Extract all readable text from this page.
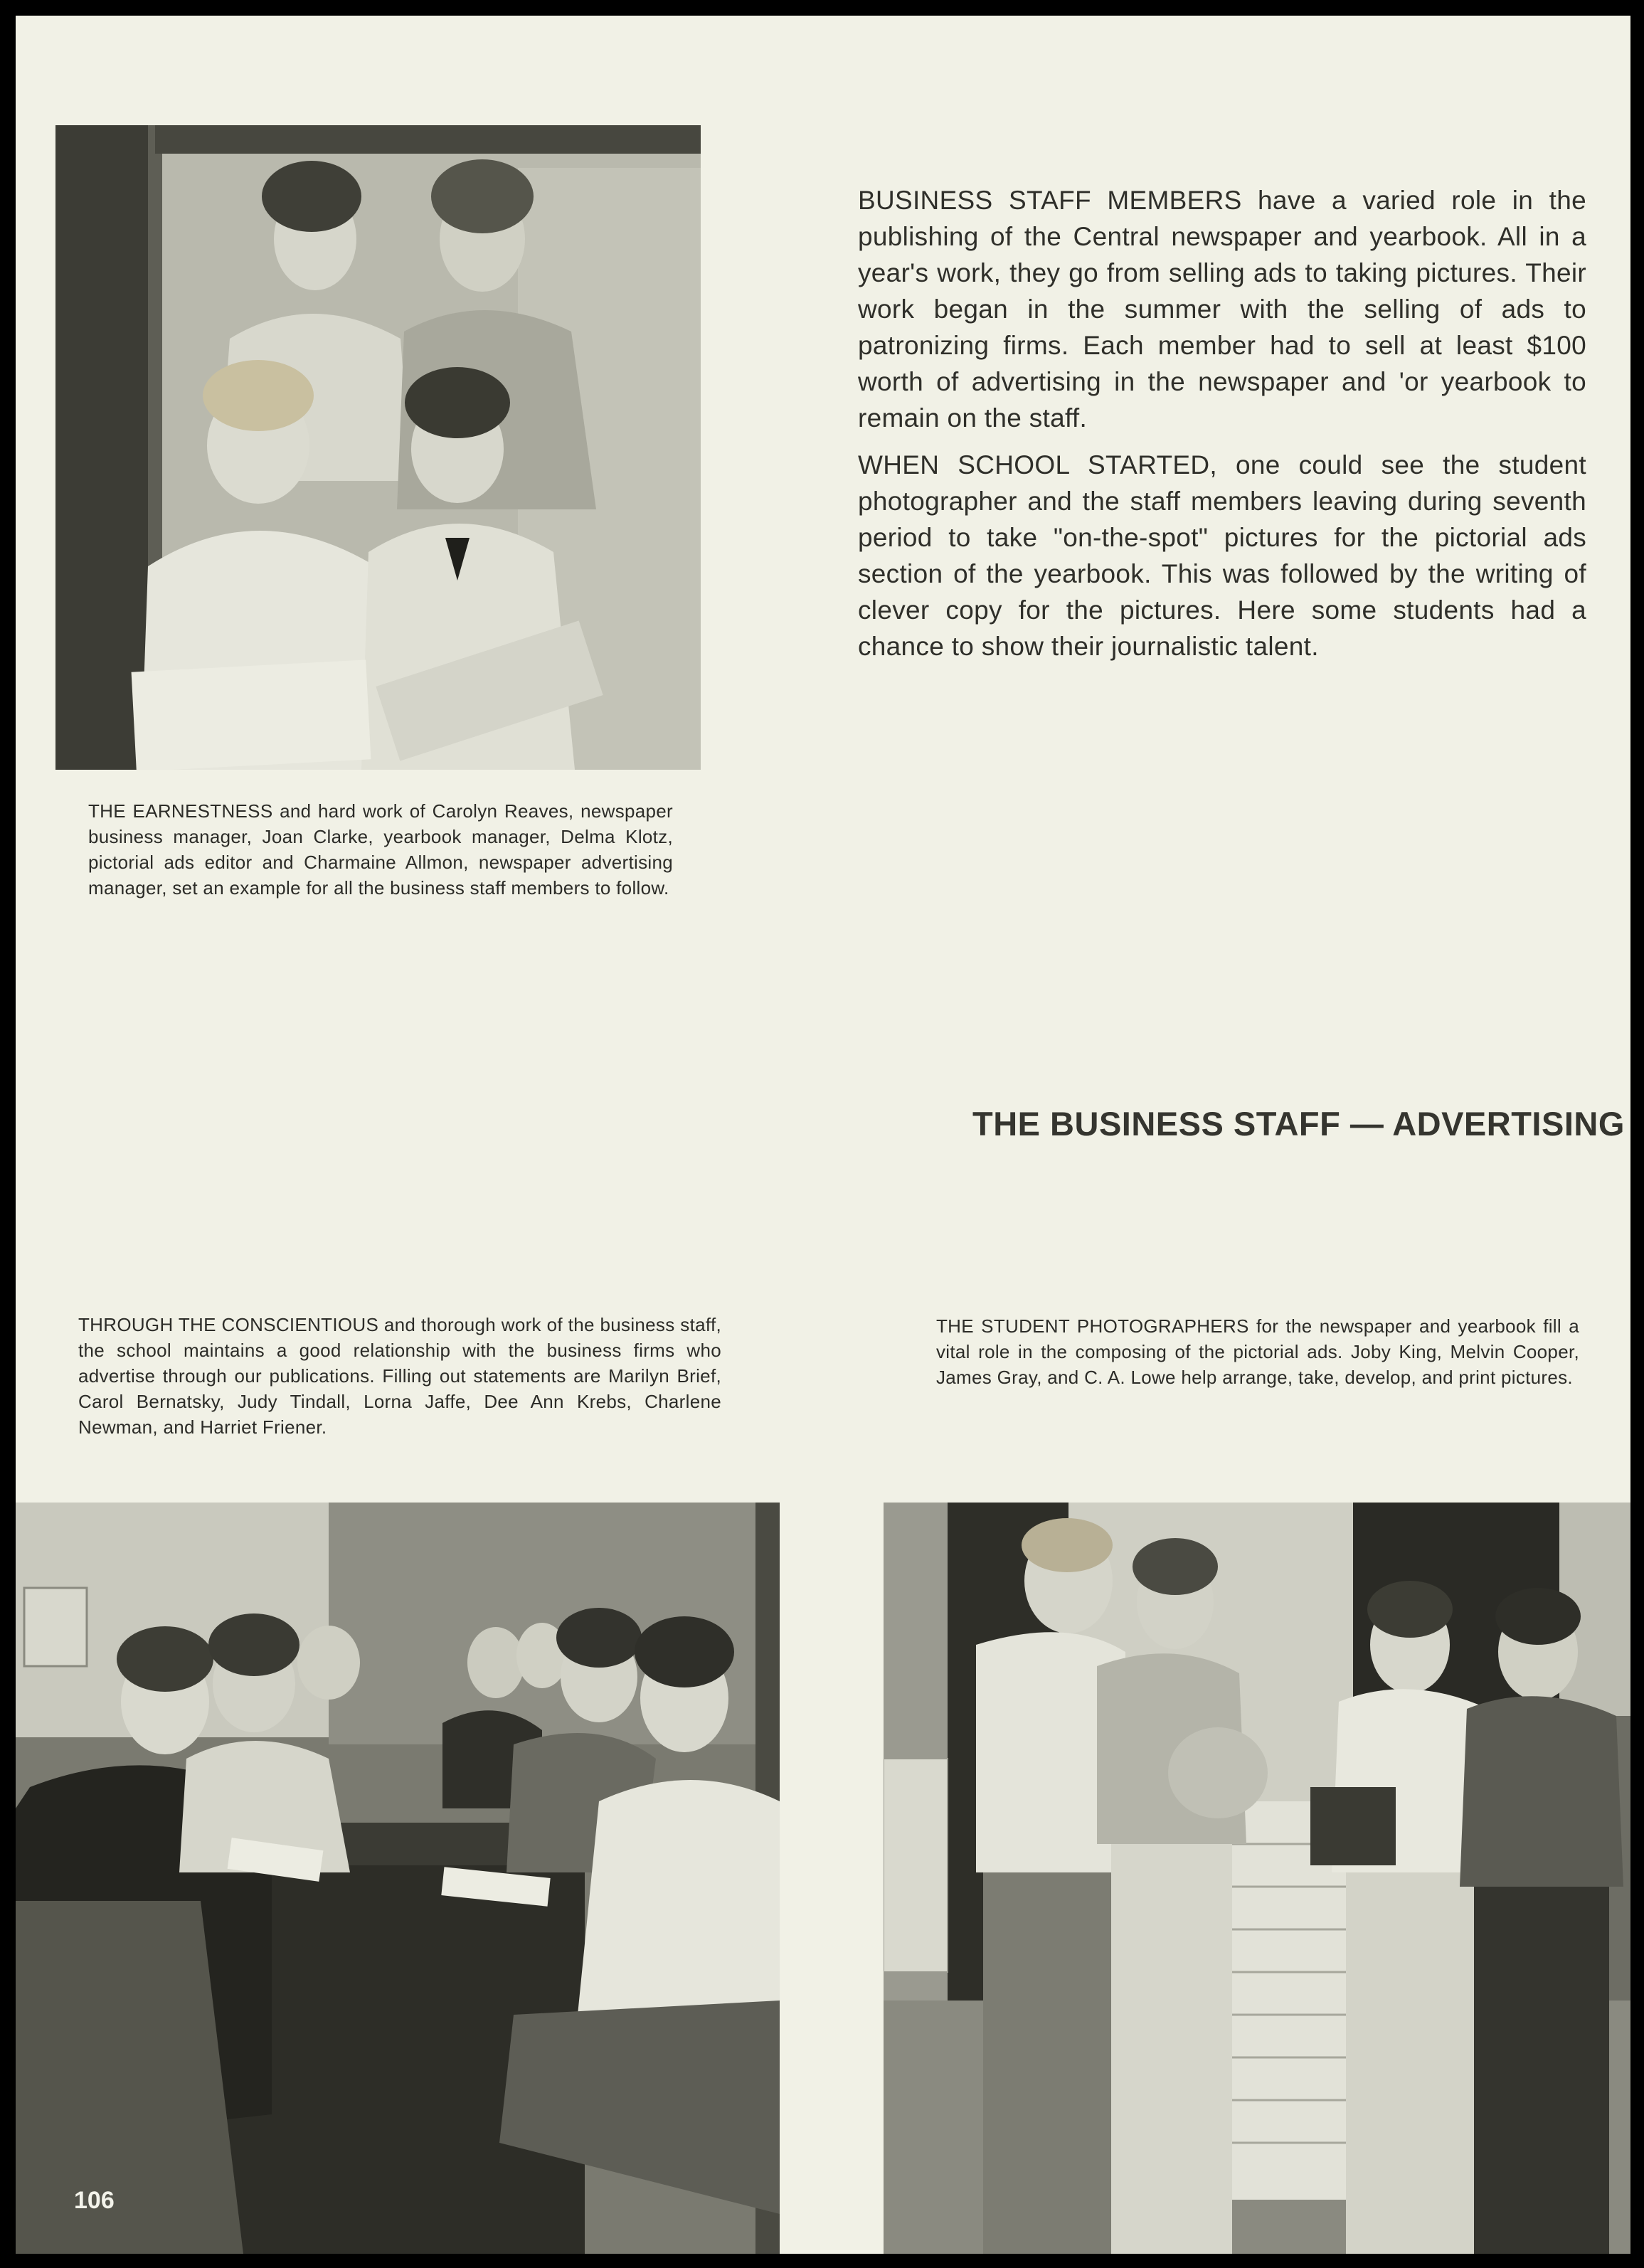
THE EARNESTNESS and hard work of Carolyn Reaves, newspaper business manager, Joan Clarke, yearbook manager, Delma Klotz, pictorial ads editor and Charmaine Allmon, newspaper advertising manager, set an example for all the business staff members to follow.

BUSINESS STAFF MEMBERS have a varied role in the publishing of the Central newspaper and yearbook. All in a year's work, they go from selling ads to taking pictures. Their work began in the summer with the selling of ads to patronizing firms. Each member had to sell at least $100 worth of advertising in the newspaper and 'or yearbook to remain on the staff.

WHEN SCHOOL STARTED, one could see the student photographer and the staff members leaving during seventh period to take "on-the-spot" pictures for the pictorial ads section of the yearbook. This was followed by the writing of clever copy for the pictures. Here some students had a chance to show their journalistic talent.

THE BUSINESS STAFF — ADVERTISING
THROUGH THE CONSCIENTIOUS and thorough work of the business staff, the school maintains a good relationship with the business firms who advertise through our publications. Filling out statements are Marilyn Brief, Carol Bernatsky, Judy Tindall, Lorna Jaffe, Dee Ann Krebs, Charlene Newman, and Harriet Friener.
THE STUDENT PHOTOGRAPHERS for the newspaper and yearbook fill a vital role in the composing of the pictorial ads. Joby King, Melvin Cooper, James Gray, and C. A. Lowe help arrange, take, develop, and print pictures.
106
